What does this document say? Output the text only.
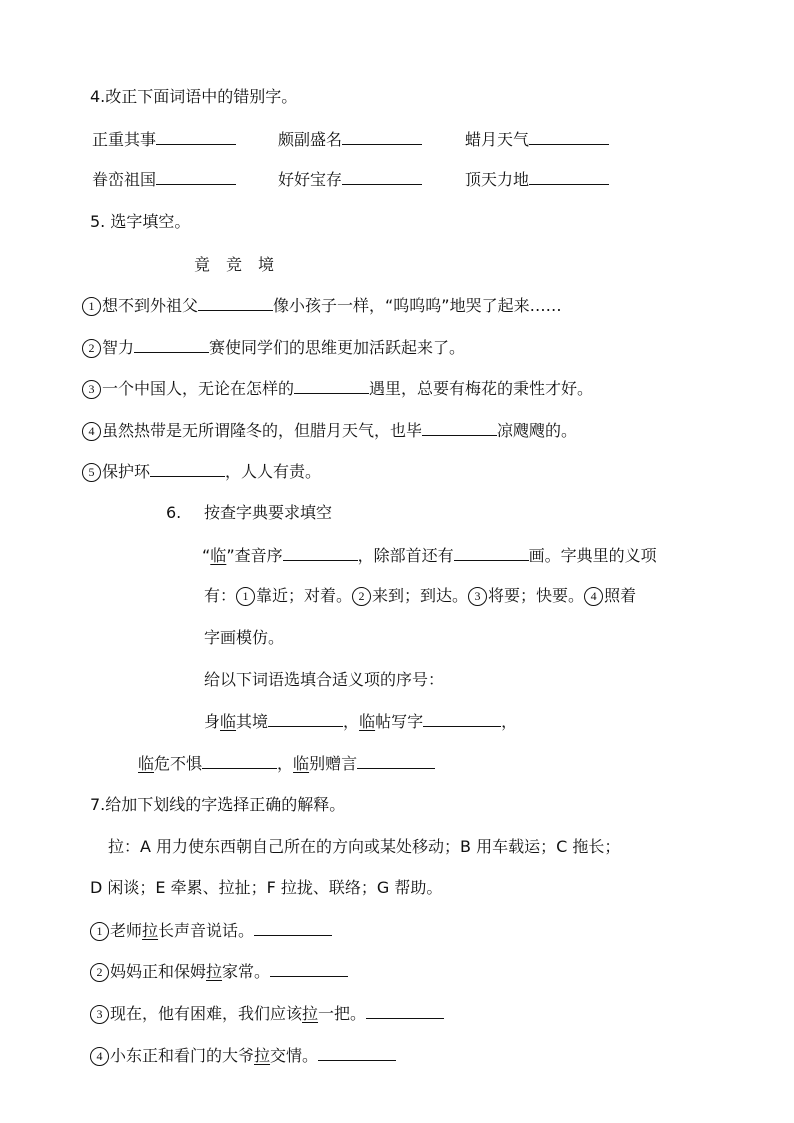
4.改正下面词语中的错别字。
正重其事	颇副盛名	蜡月天气
眷峦祖国	好好宝存	顶天力地
5. 选字填空。
竟　竞　境
1 想不到外祖父	像小孩子一样，“呜呜呜”地哭了起来……
2 智力	赛使同学们的思维更加活跃起来了。
3 一个中国人，无论在怎样的	遇里，总要有梅花的秉性才好。
4 虽然热带是无所谓隆冬的，但腊月天气，也毕	凉飕飕的。
5 保护环	，人人有责。
6. 按查字典要求填空
“临”查音序	，除部首还有	画。字典里的义项
有： 1 靠近；对着。 2 来到；到达。 3 将要；快要。 4 照着
字画模仿。
给以下词语选填合适义项的序号：
身临其境	，临帖写字	，
临危不惧	，临别赠言
7.给加下划线的字选择正确的解释。
拉：A 用力使东西朝自己所在的方向或某处移动；B 用车载运；C 拖长；
D 闲谈；E 牵累、拉扯；F 拉拢、联络；G 帮助。
1 老师拉长声音说话。
2 妈妈正和保姆拉家常。
3 现在，他有困难，我们应该拉一把。
4 小东正和看门的大爷拉交情。
